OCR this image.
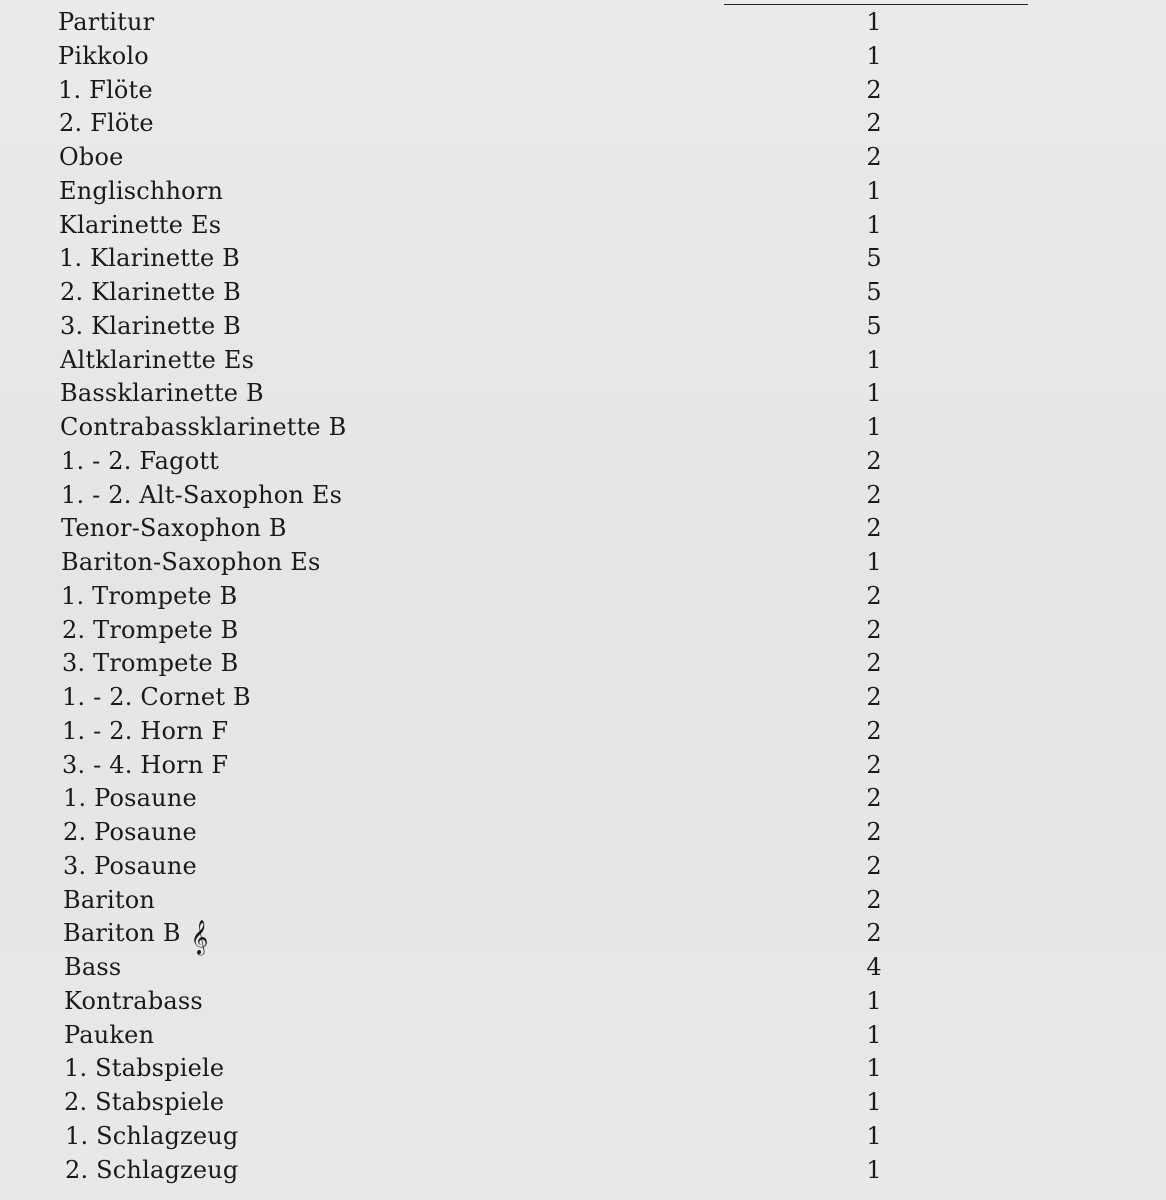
Partitur	1
Pikkolo	1
1. Flöte	2
2. Flöte	2
Oboe	2
Englischhorn	1
Klarinette Es	1
1. Klarinette B	5
2. Klarinette B	5
3. Klarinette B	5
Altklarinette Es	1
Bassklarinette B	1
Contrabassklarinette B	1
1. - 2. Fagott	2
1. - 2. Alt-Saxophon Es	2
Tenor-Saxophon B	2
Bariton-Saxophon Es	1
1. Trompete B	2
2. Trompete B	2
3. Trompete B	2
1. - 2. Cornet B	2
1. - 2. Horn F	2
3. - 4. Horn F	2
1. Posaune	2
2. Posaune	2
3. Posaune	2
Bariton	2
Bariton B 𝄞	2
Bass	4
Kontrabass	1
Pauken	1
1. Stabspiele	1
2. Stabspiele	1
1. Schlagzeug	1
2. Schlagzeug	1
